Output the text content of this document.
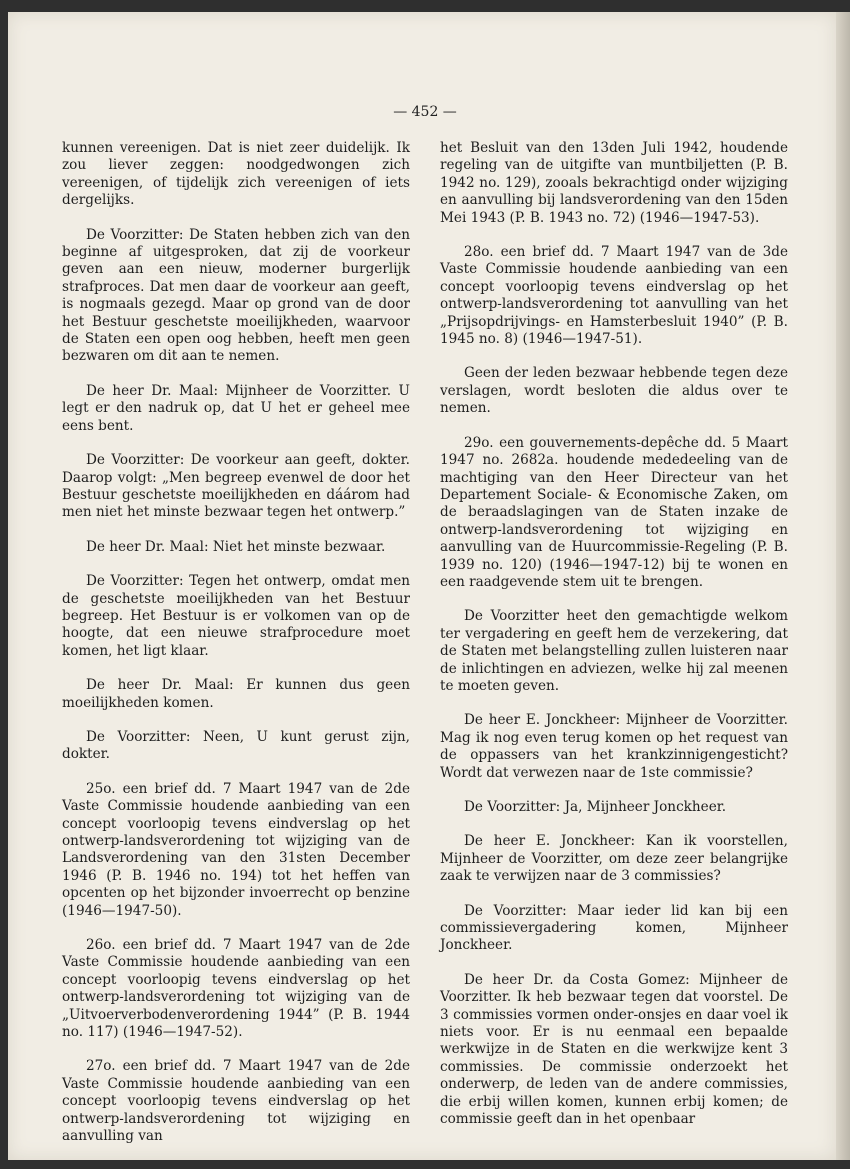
— 452 —

kunnen vereenigen. Dat is niet zeer duidelijk. Ik zou liever zeggen: noodgedwongen zich vereenigen, of tijdelijk zich vereenigen of iets dergelijks.

De Voorzitter: De Staten hebben zich van den beginne af uitgesproken, dat zij de voorkeur geven aan een nieuw, moderner burgerlijk strafproces. Dat men daar de voorkeur aan geeft, is nogmaals gezegd. Maar op grond van de door het Bestuur geschetste moeilijkheden, waarvoor de Staten een open oog hebben, heeft men geen bezwaren om dit aan te nemen.

De heer Dr. Maal: Mijnheer de Voorzitter. U legt er den nadruk op, dat U het er geheel mee eens bent.

De Voorzitter: De voorkeur aan geeft, dokter. Daarop volgt: „Men begreep evenwel de door het Bestuur geschetste moeilijkheden en dáárom had men niet het minste bezwaar tegen het ontwerp.”

De heer Dr. Maal: Niet het minste bezwaar.

De Voorzitter: Tegen het ontwerp, omdat men de geschetste moeilijkheden van het Bestuur begreep. Het Bestuur is er volkomen van op de hoogte, dat een nieuwe strafprocedure moet komen, het ligt klaar.

De heer Dr. Maal: Er kunnen dus geen moeilijkheden komen.

De Voorzitter: Neen, U kunt gerust zijn, dokter.

25o. een brief dd. 7 Maart 1947 van de 2de Vaste Commissie houdende aanbieding van een concept voorloopig tevens eindverslag op het ontwerp-landsverordening tot wijziging van de Landsverordening van den 31sten December 1946 (P. B. 1946 no. 194) tot het heffen van opcenten op het bijzonder invoerrecht op benzine (1946—1947-50).

26o. een brief dd. 7 Maart 1947 van de 2de Vaste Commissie houdende aanbieding van een concept voorloopig tevens eindverslag op het ontwerp-landsverordening tot wijziging van de „Uitvoerverbodenverordening 1944” (P. B. 1944 no. 117) (1946—1947-52).

27o. een brief dd. 7 Maart 1947 van de 2de Vaste Commissie houdende aanbieding van een concept voorloopig tevens eindverslag op het ontwerp-landsverordening tot wijziging en aanvulling van

het Besluit van den 13den Juli 1942, houdende regeling van de uitgifte van muntbiljetten (P. B. 1942 no. 129), zooals bekrachtigd onder wijziging en aanvulling bij landsverordening van den 15den Mei 1943 (P. B. 1943 no. 72) (1946—1947-53).

28o. een brief dd. 7 Maart 1947 van de 3de Vaste Commissie houdende aanbieding van een concept voorloopig tevens eindverslag op het ontwerp-landsverordening tot aanvulling van het „Prijsopdrijvings- en Hamsterbesluit 1940” (P. B. 1945 no. 8) (1946—1947-51).

Geen der leden bezwaar hebbende tegen deze verslagen, wordt besloten die aldus over te nemen.

29o. een gouvernements-depêche dd. 5 Maart 1947 no. 2682a. houdende mededeeling van de machtiging van den Heer Directeur van het Departement Sociale- & Economische Zaken, om de beraadslagingen van de Staten inzake de ontwerp-landsverordening tot wijziging en aanvulling van de Huurcommissie-Regeling (P. B. 1939 no. 120) (1946—1947-12) bij te wonen en een raadgevende stem uit te brengen.

De Voorzitter heet den gemachtigde welkom ter vergadering en geeft hem de verzekering, dat de Staten met belangstelling zullen luisteren naar de inlichtingen en adviezen, welke hij zal meenen te moeten geven.

De heer E. Jonckheer: Mijnheer de Voorzitter. Mag ik nog even terug komen op het request van de oppassers van het krankzinnigengesticht? Wordt dat verwezen naar de 1ste commissie?

De Voorzitter: Ja, Mijnheer Jonckheer.

De heer E. Jonckheer: Kan ik voorstellen, Mijnheer de Voorzitter, om deze zeer belangrijke zaak te verwijzen naar de 3 commissies?

De Voorzitter: Maar ieder lid kan bij een commissievergadering komen, Mijnheer Jonckheer.

De heer Dr. da Costa Gomez: Mijnheer de Voorzitter. Ik heb bezwaar tegen dat voorstel. De 3 commissies vormen onder-onsjes en daar voel ik niets voor. Er is nu eenmaal een bepaalde werkwijze in de Staten en die werkwijze kent 3 commissies. De commissie onderzoekt het onderwerp, de leden van de andere commissies, die erbij willen komen, kunnen erbij komen; de commissie geeft dan in het openbaar
